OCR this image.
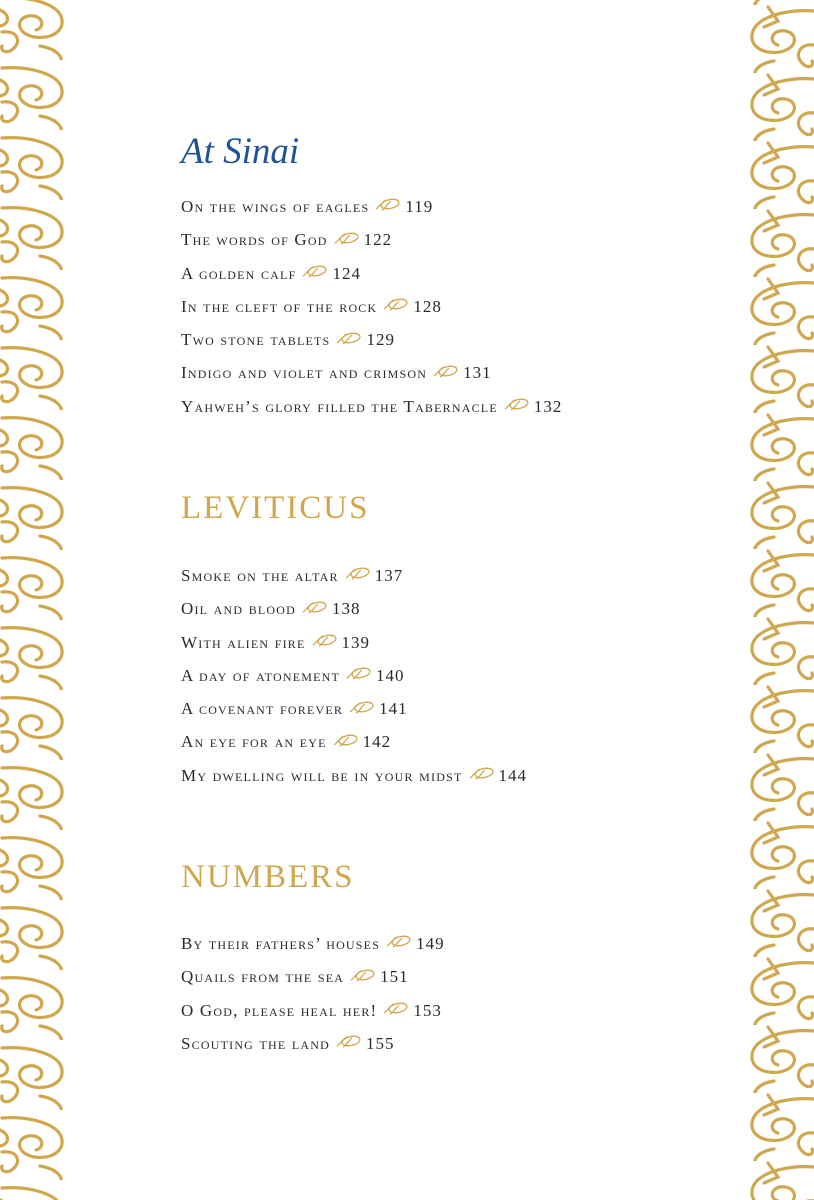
At Sinai
On the wings of eagles 119
The words of God 122
A golden calf 124
In the cleft of the rock 128
Two stone tablets 129
Indigo and violet and crimson 131
Yahweh’s glory filled the Tabernacle 132
LEVITICUS
Smoke on the altar 137
Oil and blood 138
With alien fire 139
A day of atonement 140
A covenant forever 141
An eye for an eye 142
My dwelling will be in your midst 144
NUMBERS
By their fathers’ houses 149
Quails from the sea 151
O God, please heal her! 153
Scouting the land 155
